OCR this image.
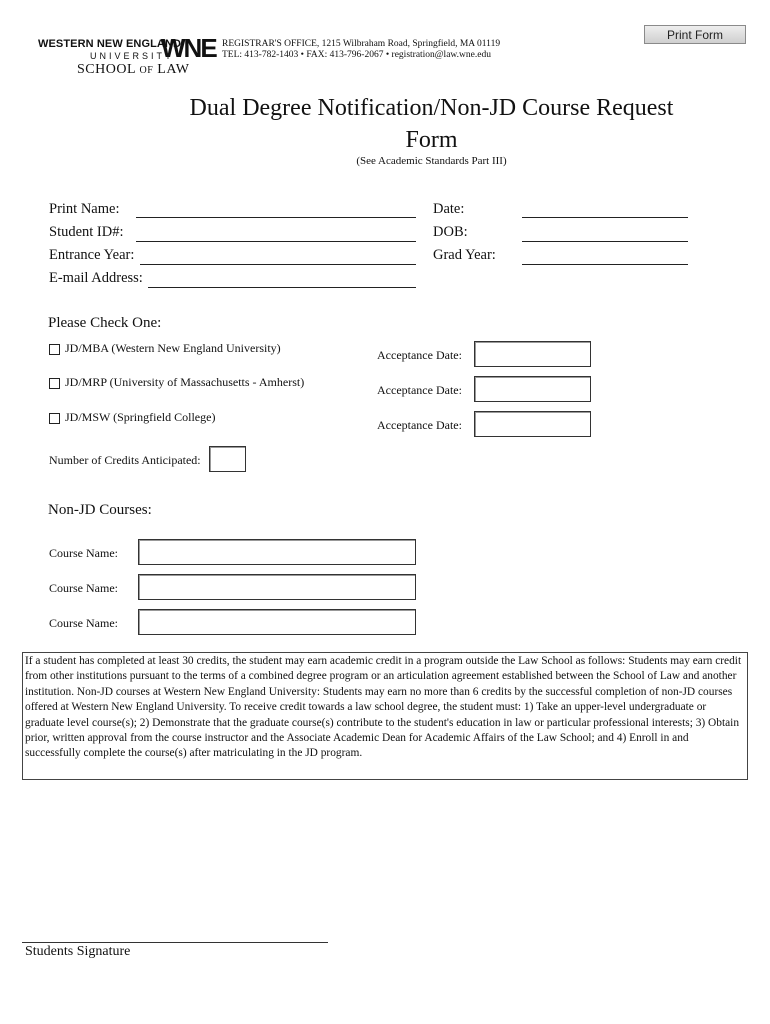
Print Form
WESTERN NEW ENGLAND
UNIVERSITY
SCHOOL of LAW
WNE REGISTRAR'S OFFICE, 1215 Wilbraham Road, Springfield, MA 01119
TEL: 413-782-1403 • FAX: 413-796-2067 • registration@law.wne.edu
Dual Degree Notification/Non-JD Course Request
Form
(See Academic Standards Part III)
Print Name:
Student ID#:
Entrance Year:
E-mail Address:
Date:
DOB:
Grad Year:
Please Check One:
JD/MBA (Western New England University)	Acceptance Date:
JD/MRP (University of Massachusetts - Amherst)
Acceptance Date:
JD/MSW (Springfield College)
Acceptance Date:
Number of Credits Anticipated:
Non-JD Courses:
Course Name:
Course Name:
Course Name:
If a student has completed at least 30 credits, the student may earn academic credit in a program outside the Law School as follows: Students may earn credit from other institutions pursuant to the terms of a combined degree program or an articulation agreement established between the School of Law and another institution. Non-JD courses at Western New England University: Students may earn no more than 6 credits by the successful completion of non-JD courses offered at Western New England University. To receive credit towards a law school degree, the student must: 1) Take an upper-level undergraduate or graduate level course(s); 2) Demonstrate that the graduate course(s) contribute to the student's education in law or particular professional interests; 3) Obtain prior, written approval from the course instructor and the Associate Academic Dean for Academic Affairs of the Law School; and 4) Enroll in and successfully complete the course(s) after matriculating in the JD program.
Students Signature
